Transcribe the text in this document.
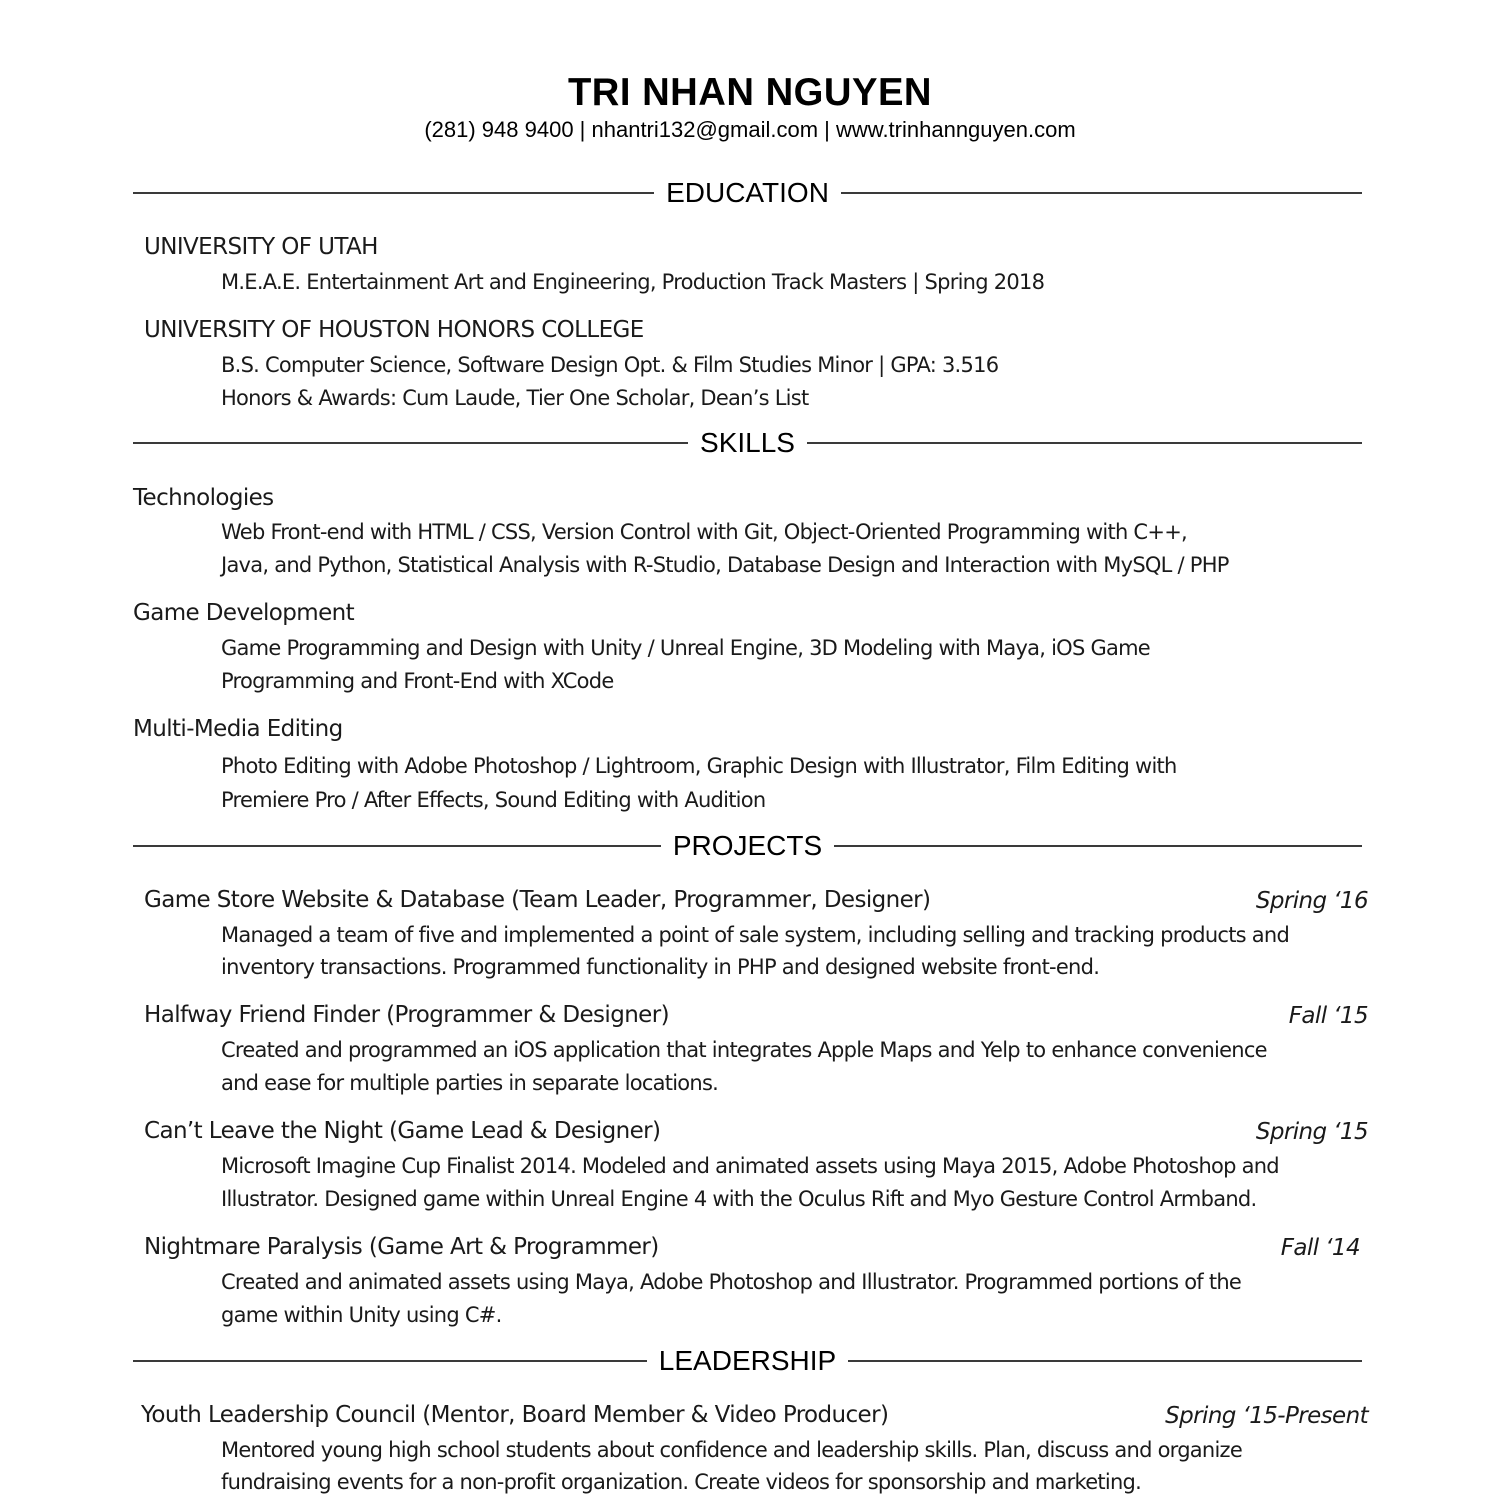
TRI NHAN NGUYEN
(281) 948 9400 | nhantri132@gmail.com | www.trinhannguyen.com
EDUCATION
UNIVERSITY OF UTAH
M.E.A.E. Entertainment Art and Engineering, Production Track Masters | Spring 2018
UNIVERSITY OF HOUSTON HONORS COLLEGE
B.S. Computer Science, Software Design Opt. & Film Studies Minor | GPA: 3.516
Honors & Awards: Cum Laude, Tier One Scholar, Dean’s List
SKILLS
Technologies
Web Front-end with HTML / CSS, Version Control with Git, Object-Oriented Programming with C++,
Java, and Python, Statistical Analysis with R-Studio, Database Design and Interaction with MySQL / PHP
Game Development
Game Programming and Design with Unity / Unreal Engine, 3D Modeling with Maya, iOS Game
Programming and Front-End with XCode
Multi-Media Editing
Photo Editing with Adobe Photoshop / Lightroom, Graphic Design with Illustrator, Film Editing with
Premiere Pro / After Effects, Sound Editing with Audition
PROJECTS
Game Store Website & Database (Team Leader, Programmer, Designer)	Spring ‘16
Managed a team of five and implemented a point of sale system, including selling and tracking products and
inventory transactions. Programmed functionality in PHP and designed website front-end.
Halfway Friend Finder (Programmer & Designer)	Fall ‘15
Created and programmed an iOS application that integrates Apple Maps and Yelp to enhance convenience
and ease for multiple parties in separate locations.
Can’t Leave the Night (Game Lead & Designer)	Spring ‘15
Microsoft Imagine Cup Finalist 2014. Modeled and animated assets using Maya 2015, Adobe Photoshop and
Illustrator. Designed game within Unreal Engine 4 with the Oculus Rift and Myo Gesture Control Armband.
Nightmare Paralysis (Game Art & Programmer)	Fall ‘14
Created and animated assets using Maya, Adobe Photoshop and Illustrator. Programmed portions of the
game within Unity using C#.
LEADERSHIP
Youth Leadership Council (Mentor, Board Member & Video Producer)	Spring ‘15-Present
Mentored young high school students about confidence and leadership skills. Plan, discuss and organize
fundraising events for a non-profit organization. Create videos for sponsorship and marketing.
